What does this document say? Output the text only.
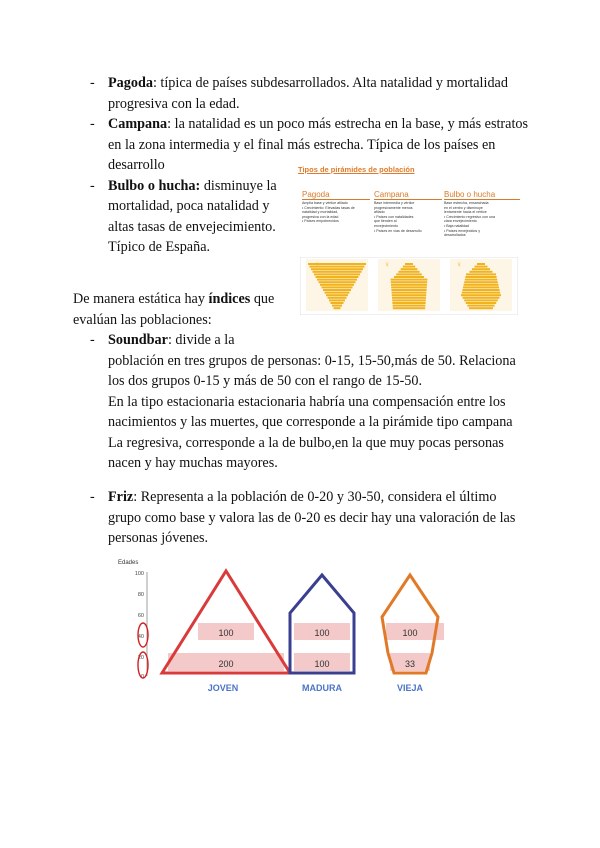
- Pagoda: típica de países subdesarrollados. Alta natalidad y mortalidad

progresiva con la edad.

- Campana: la natalidad es un poco más estrecha en la base, y más estratos

en la zona intermedia y el final más estrecha. Típica de los países en

desarrollo

- Bulbo o hucha: disminuye la

mortalidad, poca natalidad y

altas tasas de envejecimiento.

Típico de España.

Tipos de pirámides de población
Pagoda
Amplia base y vértice afilado
• Crecimiento: Elevadas tasas de natalidad y mortalidad,
progresiva con la edad
• Países empobrecidos
Campana
Base intermedia y vértice
progresivamente menos
afilado
• Países con natalidades
que tienden al
envejecimiento
• Países en vías de desarrollo
Bulbo o hucha
Base estrecha, ensanchada
en el centro y disminuye
lentamente hacia el vértice
• Crecimiento regresivo con una
clara envejecimiento
• Baja natalidad
• Países envejecidos y
desarrollados
♀	♀	♀

De manera estática hay índices que

evalúan las poblaciones:

- Soundbar: divide a la

población en tres grupos de personas: 0-15, 15-50,más de 50. Relaciona

los dos grupos 0-15 y más de 50 con el rango de 15-50.

En la tipo estacionaria estacionaria habría una compensación entre los

nacimientos y las muertes, que corresponde a la pirámide tipo campana

La regresiva, corresponde a la de bulbo,en la que muy pocas personas

nacen y hay muchas mayores.

- Friz: Representa a la población de 0-20 y 30-50, considera el último

grupo como base y valora las de 0-20 es decir hay una valoración de las

personas jóvenes.

Edades
100
80
60
40
20
0
100
200
JOVEN
100
100
MADURA
100
33
VIEJA
